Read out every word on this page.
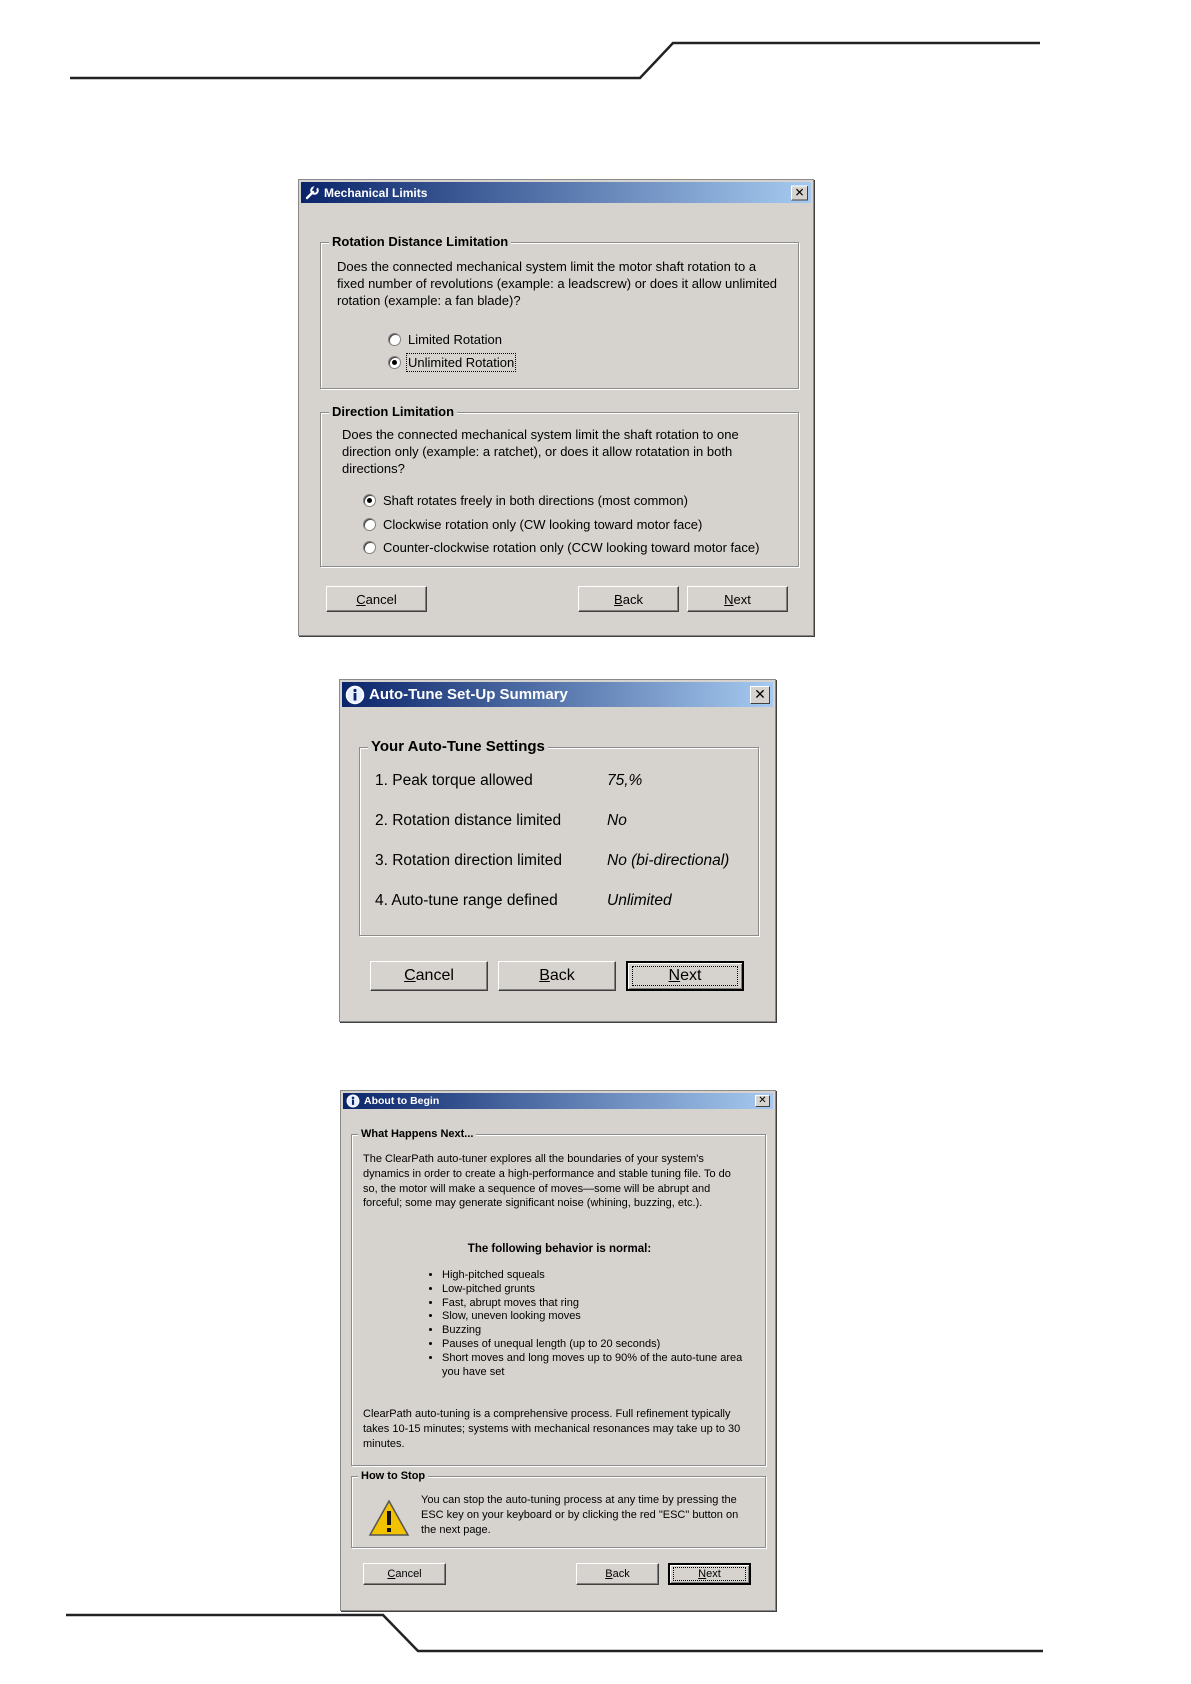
Mechanical Limits	✕
Rotation Distance Limitation
Does the connected mechanical system limit the motor shaft rotation to a fixed number of revolutions (example: a leadscrew) or does it allow unlimited rotation (example: a fan blade)?
Limited Rotation
Unlimited Rotation
Direction Limitation
Does the connected mechanical system limit the shaft rotation to one direction only (example: a ratchet), or does it allow rotatation in both directions?
Shaft rotates freely in both directions (most common)
Clockwise rotation only (CW looking toward motor face)
Counter-clockwise rotation only (CCW looking toward motor face)
C ancel	B ack	N ext
Auto-Tune Set-Up Summary	✕
Your Auto-Tune Settings
1. Peak torque allowed	75,%
2. Rotation distance limited	No
3. Rotation direction limited	No (bi-directional)
4. Auto-tune range defined	Unlimited
C ancel	B ack	N ext
About to Begin	✕
What Happens Next...
The ClearPath auto-tuner explores all the boundaries of your system's dynamics in order to create a high-performance and stable tuning file. To do so, the motor will make a sequence of moves—some will be abrupt and forceful; some may generate significant noise (whining, buzzing, etc.).
The following behavior is normal:
• High-pitched squeals
• Low-pitched grunts
• Fast, abrupt moves that ring
• Slow, uneven looking moves
• Buzzing
• Pauses of unequal length (up to 20 seconds)
• Short moves and long moves up to 90% of the auto-tune area you have set
ClearPath auto-tuning is a comprehensive process. Full refinement typically takes 10-15 minutes; systems with mechanical resonances may take up to 30 minutes.
How to Stop
You can stop the auto-tuning process at any time by pressing the ESC key on your keyboard or by clicking the red "ESC" button on the next page.
C ancel	B ack	N ext
